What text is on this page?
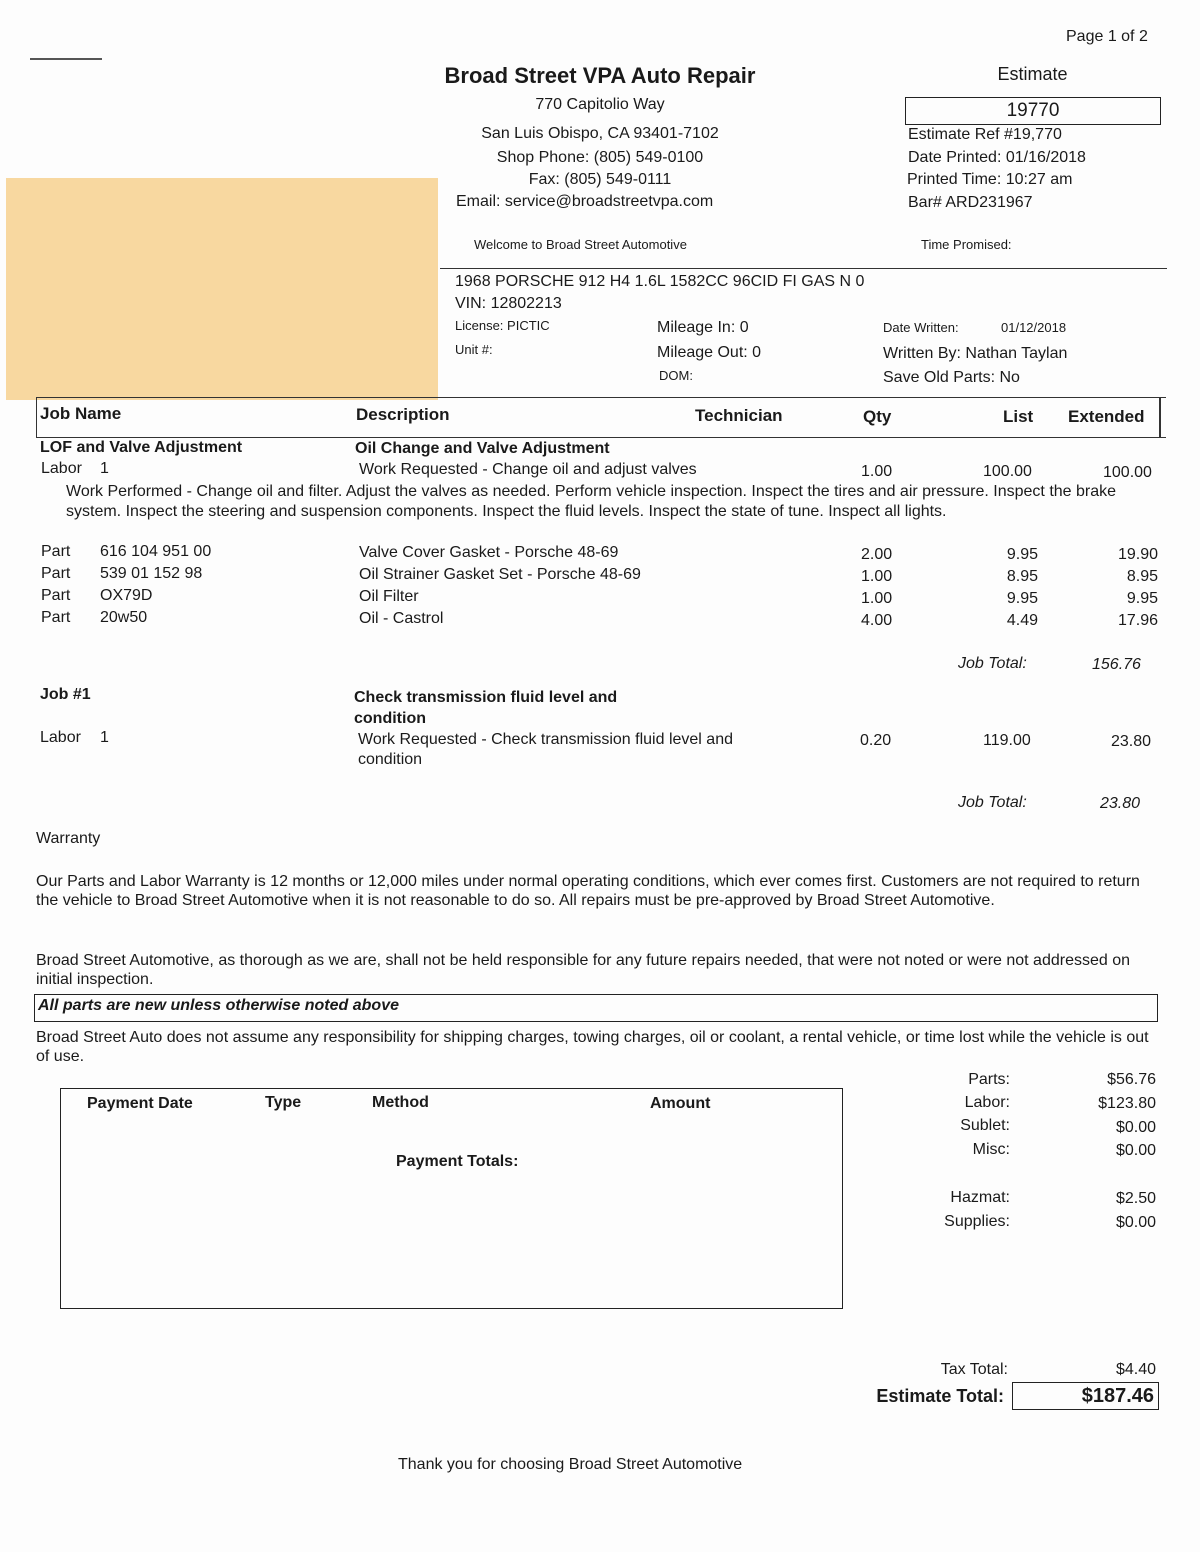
Page 1 of 2
Broad Street VPA Auto Repair
770 Capitolio Way
San Luis Obispo, CA 93401-7102
Shop Phone: (805) 549-0100
Fax: (805) 549-0111
Email: service@broadstreetvpa.com
Welcome to Broad Street Automotive
Estimate
19770
Estimate Ref #19,770
Date Printed: 01/16/2018
Printed Time: 10:27 am
Bar# ARD231967
Time Promised:
1968 PORSCHE 912 H4 1.6L 1582CC 96CID FI GAS N 0
VIN: 12802213
License: PICTIC
Unit #:
Mileage In: 0
Mileage Out: 0
DOM:
Date Written:	01/12/2018
Written By: Nathan Taylan
Save Old Parts: No
Job Name	Description	Technician	Qty	List Extended
LOF and Valve Adjustment	Oil Change and Valve Adjustment
Labor 1	Work Requested - Change oil and adjust valves	1.00	100.00	100.00
Work Performed - Change oil and filter. Adjust the valves as needed. Perform vehicle inspection. Inspect the tires and air pressure. Inspect the brake system. Inspect the steering and suspension components. Inspect the fluid levels. Inspect the state of tune. Inspect all lights.
Part 616 104 951 00	Valve Cover Gasket - Porsche 48-69	2.00	9.95	19.90
Part 539 01 152 98	Oil Strainer Gasket Set - Porsche 48-69	1.00	8.95	8.95
Part OX79D	Oil Filter	1.00	9.95	9.95
Part 20w50	Oil - Castrol	4.00	4.49	17.96
Job Total:	156.76
Job #1	Check transmission fluid level and condition
Labor 1	Work Requested - Check transmission fluid level and condition
0.20	119.00	23.80
Job Total:	23.80
Warranty
Our Parts and Labor Warranty is 12 months or 12,000 miles under normal operating conditions, which ever comes first. Customers are not required to return the vehicle to Broad Street Automotive when it is not reasonable to do so. All repairs must be pre-approved by Broad Street Automotive.
Broad Street Automotive, as thorough as we are, shall not be held responsible for any future repairs needed, that were not noted or were not addressed on initial inspection.
All parts are new unless otherwise noted above
Broad Street Auto does not assume any responsibility for shipping charges, towing charges, oil or coolant, a rental vehicle, or time lost while the vehicle is out of use.
Payment Date	Type	Method	Amount
Payment Totals:
Parts:	$56.76
Labor:	$123.80
Sublet:	$0.00
Misc:	$0.00
Hazmat:	$2.50
Supplies:	$0.00
Tax Total:	$4.40
Estimate Total:	$187.46
Thank you for choosing Broad Street Automotive
